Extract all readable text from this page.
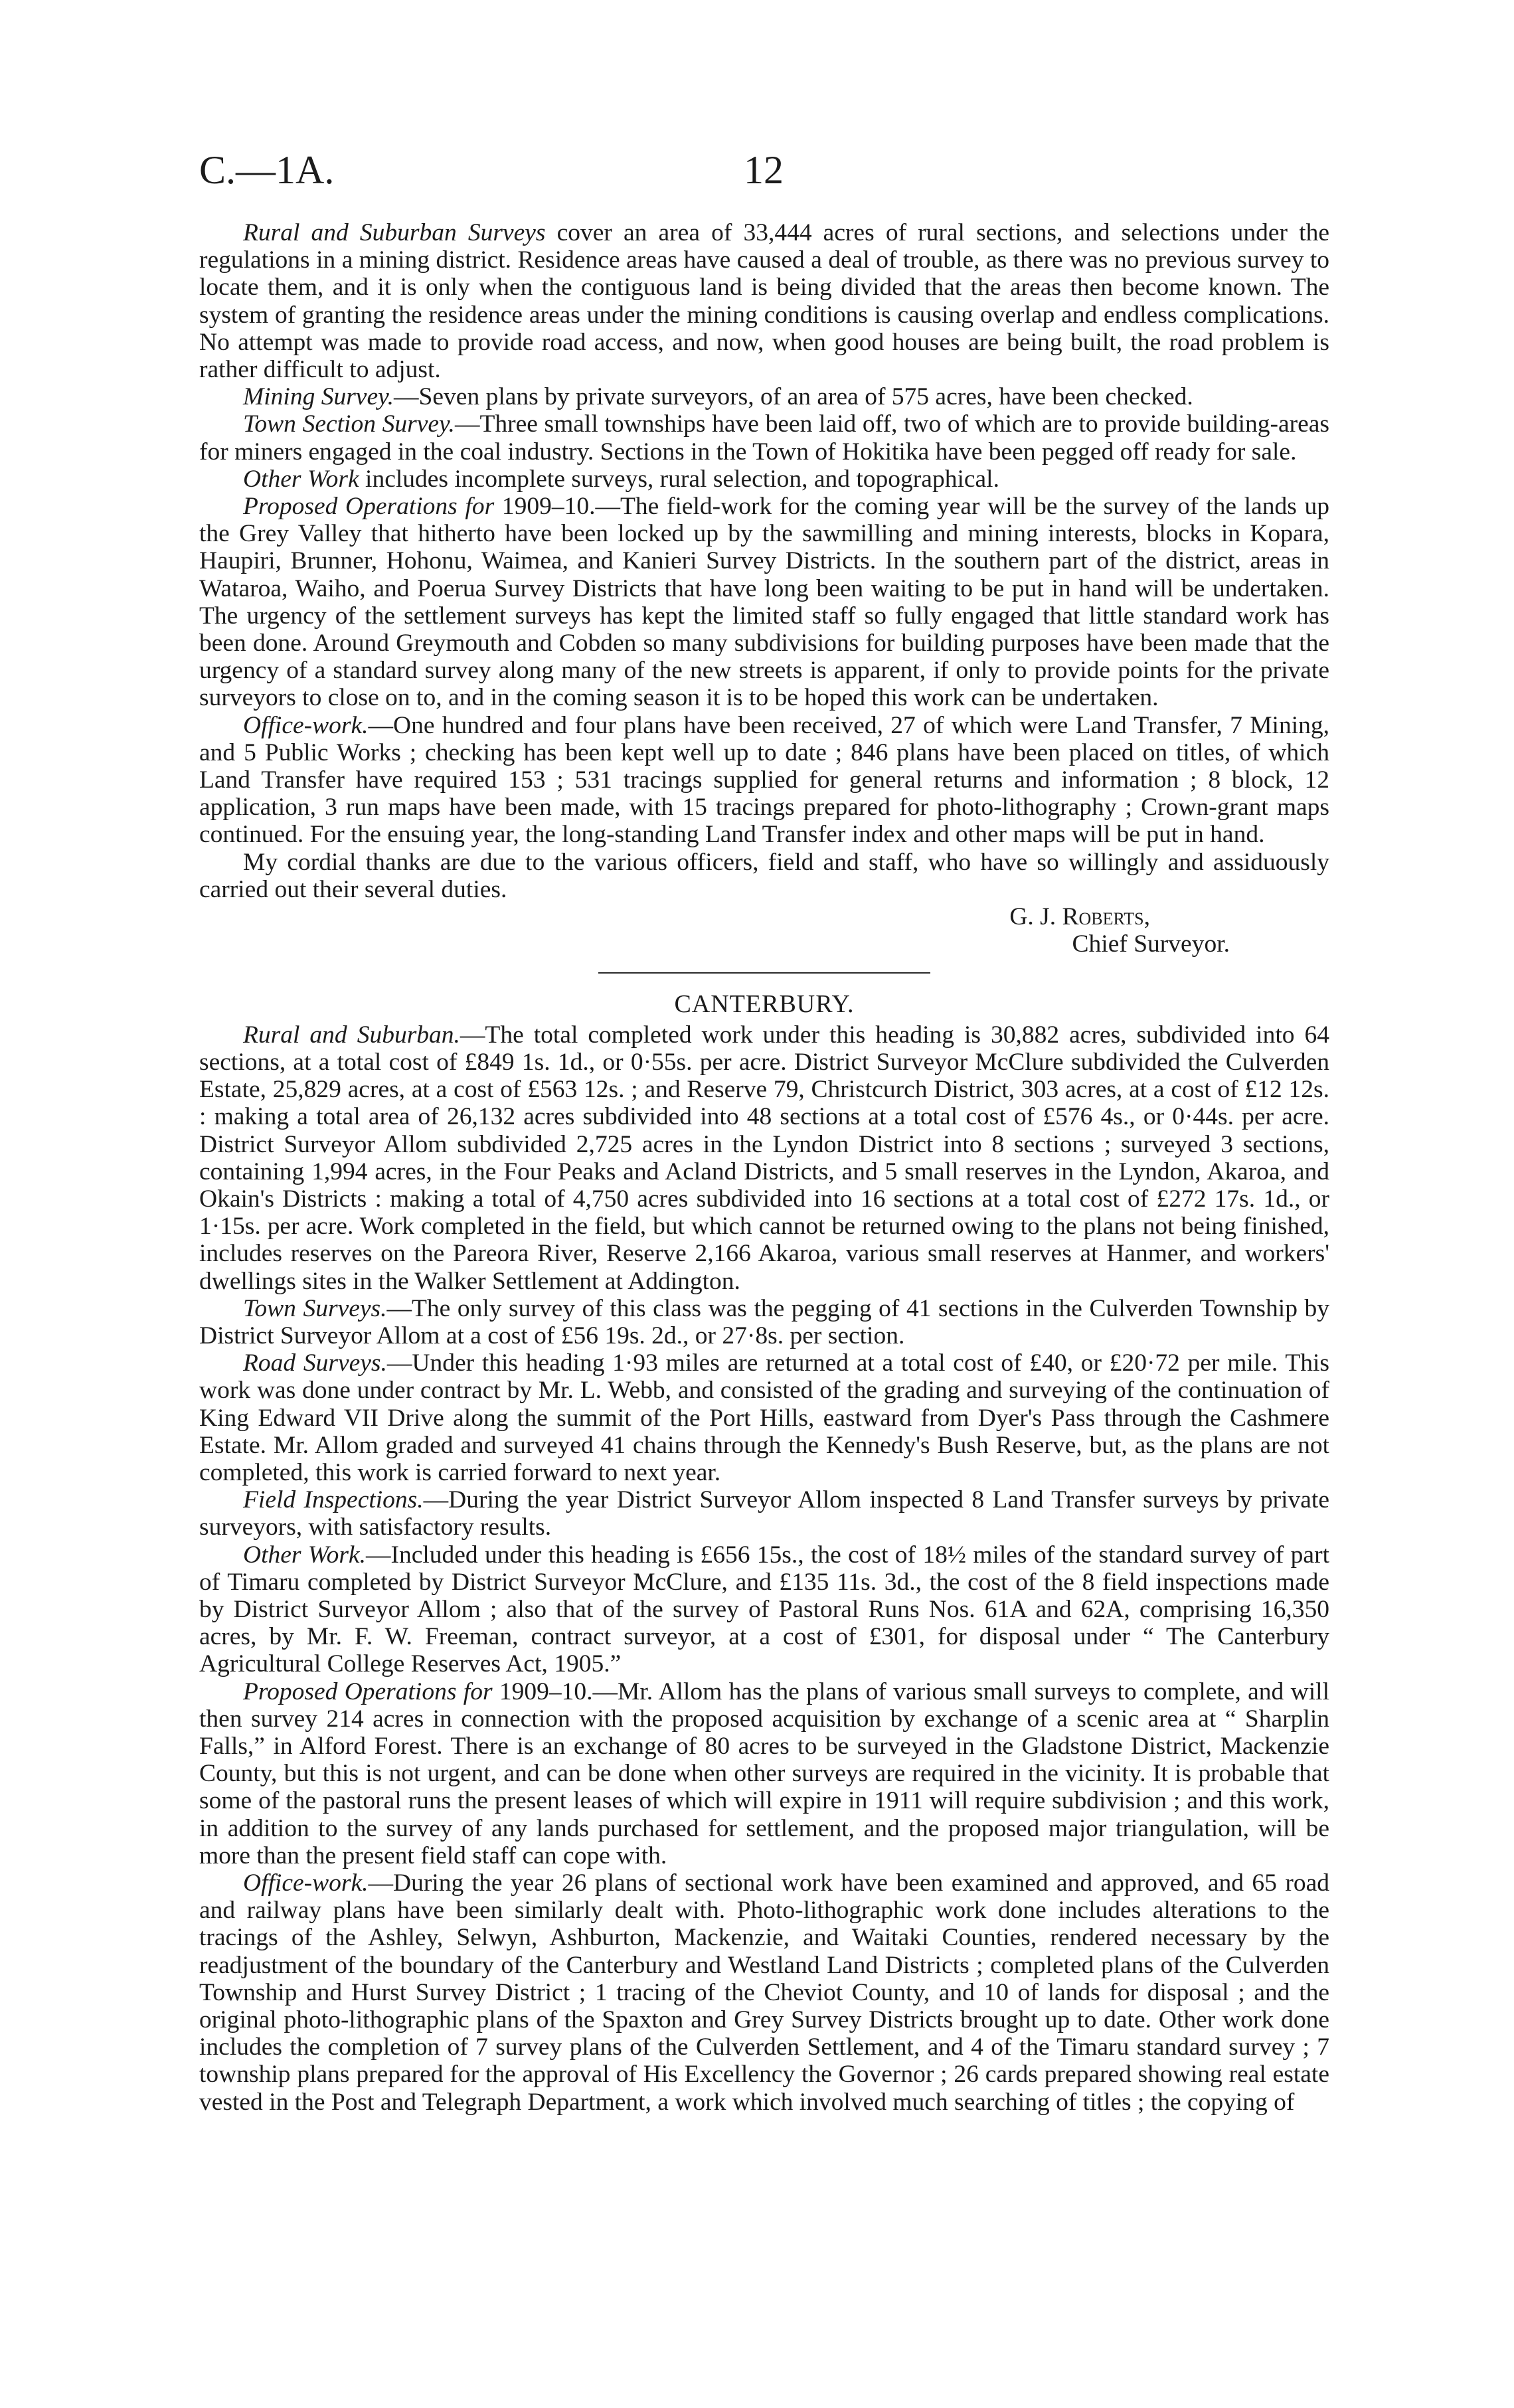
C.—1A.	12

Rural and Suburban Surveys cover an area of 33,444 acres of rural sections, and selections under the regulations in a mining district. Residence areas have caused a deal of trouble, as there was no previous survey to locate them, and it is only when the contiguous land is being divided that the areas then become known. The system of granting the residence areas under the mining conditions is causing overlap and endless complications. No attempt was made to provide road access, and now, when good houses are being built, the road problem is rather difficult to adjust.

Mining Survey.—Seven plans by private surveyors, of an area of 575 acres, have been checked.

Town Section Survey.—Three small townships have been laid off, two of which are to provide building-areas for miners engaged in the coal industry. Sections in the Town of Hokitika have been pegged off ready for sale.

Other Work includes incomplete surveys, rural selection, and topographical.

Proposed Operations for 1909–10.—The field-work for the coming year will be the survey of the lands up the Grey Valley that hitherto have been locked up by the sawmilling and mining interests, blocks in Kopara, Haupiri, Brunner, Hohonu, Waimea, and Kanieri Survey Districts. In the southern part of the district, areas in Wataroa, Waiho, and Poerua Survey Districts that have long been waiting to be put in hand will be undertaken. The urgency of the settlement surveys has kept the limited staff so fully engaged that little standard work has been done. Around Greymouth and Cobden so many subdivisions for building purposes have been made that the urgency of a standard survey along many of the new streets is apparent, if only to provide points for the private surveyors to close on to, and in the coming season it is to be hoped this work can be undertaken.

Office-work.—One hundred and four plans have been received, 27 of which were Land Transfer, 7 Mining, and 5 Public Works ; checking has been kept well up to date ; 846 plans have been placed on titles, of which Land Transfer have required 153 ; 531 tracings supplied for general returns and information ; 8 block, 12 application, 3 run maps have been made, with 15 tracings prepared for photo-lithography ; Crown-grant maps continued. For the ensuing year, the long-standing Land Transfer index and other maps will be put in hand.

My cordial thanks are due to the various officers, field and staff, who have so willingly and assiduously carried out their several duties.

G. J. Roberts,
Chief Surveyor.

CANTERBURY.

Rural and Suburban.—The total completed work under this heading is 30,882 acres, subdivided into 64 sections, at a total cost of £849 1s. 1d., or 0·55s. per acre. District Surveyor McClure subdivided the Culverden Estate, 25,829 acres, at a cost of £563 12s. ; and Reserve 79, Christcurch District, 303 acres, at a cost of £12 12s. : making a total area of 26,132 acres subdivided into 48 sections at a total cost of £576 4s., or 0·44s. per acre. District Surveyor Allom subdivided 2,725 acres in the Lyndon District into 8 sections ; surveyed 3 sections, containing 1,994 acres, in the Four Peaks and Acland Districts, and 5 small reserves in the Lyndon, Akaroa, and Okain's Districts : making a total of 4,750 acres subdivided into 16 sections at a total cost of £272 17s. 1d., or 1·15s. per acre. Work completed in the field, but which cannot be returned owing to the plans not being finished, includes reserves on the Pareora River, Reserve 2,166 Akaroa, various small reserves at Hanmer, and workers' dwellings sites in the Walker Settlement at Addington.

Town Surveys.—The only survey of this class was the pegging of 41 sections in the Culverden Township by District Surveyor Allom at a cost of £56 19s. 2d., or 27·8s. per section.

Road Surveys.—Under this heading 1·93 miles are returned at a total cost of £40, or £20·72 per mile. This work was done under contract by Mr. L. Webb, and consisted of the grading and surveying of the continuation of King Edward VII Drive along the summit of the Port Hills, eastward from Dyer's Pass through the Cashmere Estate. Mr. Allom graded and surveyed 41 chains through the Kennedy's Bush Reserve, but, as the plans are not completed, this work is carried forward to next year.

Field Inspections.—During the year District Surveyor Allom inspected 8 Land Transfer surveys by private surveyors, with satisfactory results.

Other Work.—Included under this heading is £656 15s., the cost of 18½ miles of the standard survey of part of Timaru completed by District Surveyor McClure, and £135 11s. 3d., the cost of the 8 field inspections made by District Surveyor Allom ; also that of the survey of Pastoral Runs Nos. 61A and 62A, comprising 16,350 acres, by Mr. F. W. Freeman, contract surveyor, at a cost of £301, for disposal under “ The Canterbury Agricultural College Reserves Act, 1905.”

Proposed Operations for 1909–10.—Mr. Allom has the plans of various small surveys to complete, and will then survey 214 acres in connection with the proposed acquisition by exchange of a scenic area at “ Sharplin Falls,” in Alford Forest. There is an exchange of 80 acres to be surveyed in the Gladstone District, Mackenzie County, but this is not urgent, and can be done when other surveys are required in the vicinity. It is probable that some of the pastoral runs the present leases of which will expire in 1911 will require subdivision ; and this work, in addition to the survey of any lands purchased for settlement, and the proposed major triangulation, will be more than the present field staff can cope with.

Office-work.—During the year 26 plans of sectional work have been examined and approved, and 65 road and railway plans have been similarly dealt with. Photo-lithographic work done includes alterations to the tracings of the Ashley, Selwyn, Ashburton, Mackenzie, and Waitaki Counties, rendered necessary by the readjustment of the boundary of the Canterbury and Westland Land Districts ; completed plans of the Culverden Township and Hurst Survey District ; 1 tracing of the Cheviot County, and 10 of lands for disposal ; and the original photo-lithographic plans of the Spaxton and Grey Survey Districts brought up to date. Other work done includes the completion of 7 survey plans of the Culverden Settlement, and 4 of the Timaru standard survey ; 7 township plans prepared for the approval of His Excellency the Governor ; 26 cards prepared showing real estate vested in the Post and Telegraph Department, a work which involved much searching of titles ; the copying of
